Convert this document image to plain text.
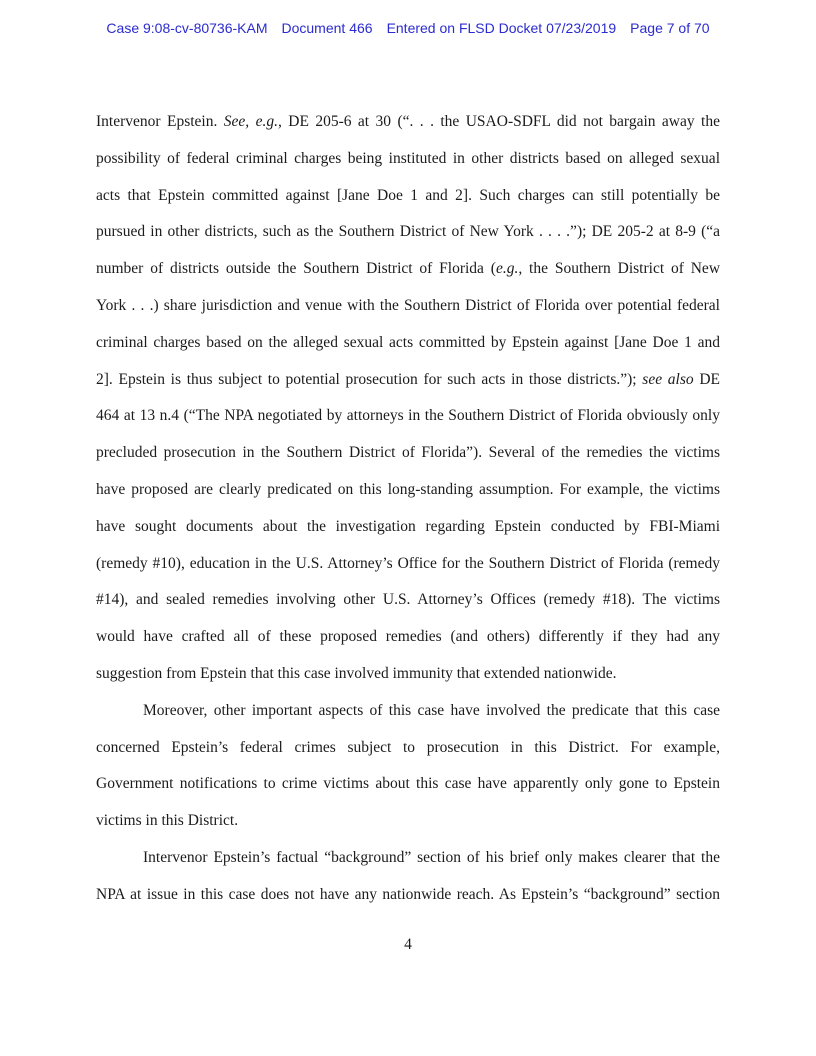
Case 9:08-cv-80736-KAM Document 466 Entered on FLSD Docket 07/23/2019 Page 7 of 70
Intervenor Epstein. See, e.g., DE 205-6 at 30 (“. . . the USAO-SDFL did not bargain away the
possibility of federal criminal charges being instituted in other districts based on alleged sexual
acts that Epstein committed against [Jane Doe 1 and 2]. Such charges can still potentially be
pursued in other districts, such as the Southern District of New York . . . .”); DE 205-2 at 8-9 (“a
number of districts outside the Southern District of Florida (e.g., the Southern District of New
York . . .) share jurisdiction and venue with the Southern District of Florida over potential federal
criminal charges based on the alleged sexual acts committed by Epstein against [Jane Doe 1 and
2]. Epstein is thus subject to potential prosecution for such acts in those districts.”); see also DE
464 at 13 n.4 (“The NPA negotiated by attorneys in the Southern District of Florida obviously only
precluded prosecution in the Southern District of Florida”). Several of the remedies the victims
have proposed are clearly predicated on this long-standing assumption. For example, the victims
have sought documents about the investigation regarding Epstein conducted by FBI-Miami
(remedy #10), education in the U.S. Attorney’s Office for the Southern District of Florida (remedy
#14), and sealed remedies involving other U.S. Attorney’s Offices (remedy #18). The victims
would have crafted all of these proposed remedies (and others) differently if they had any
suggestion from Epstein that this case involved immunity that extended nationwide.
Moreover, other important aspects of this case have involved the predicate that this case
concerned Epstein’s federal crimes subject to prosecution in this District. For example,
Government notifications to crime victims about this case have apparently only gone to Epstein
victims in this District.
Intervenor Epstein’s factual “background” section of his brief only makes clearer that the
NPA at issue in this case does not have any nationwide reach. As Epstein’s “background” section
4
